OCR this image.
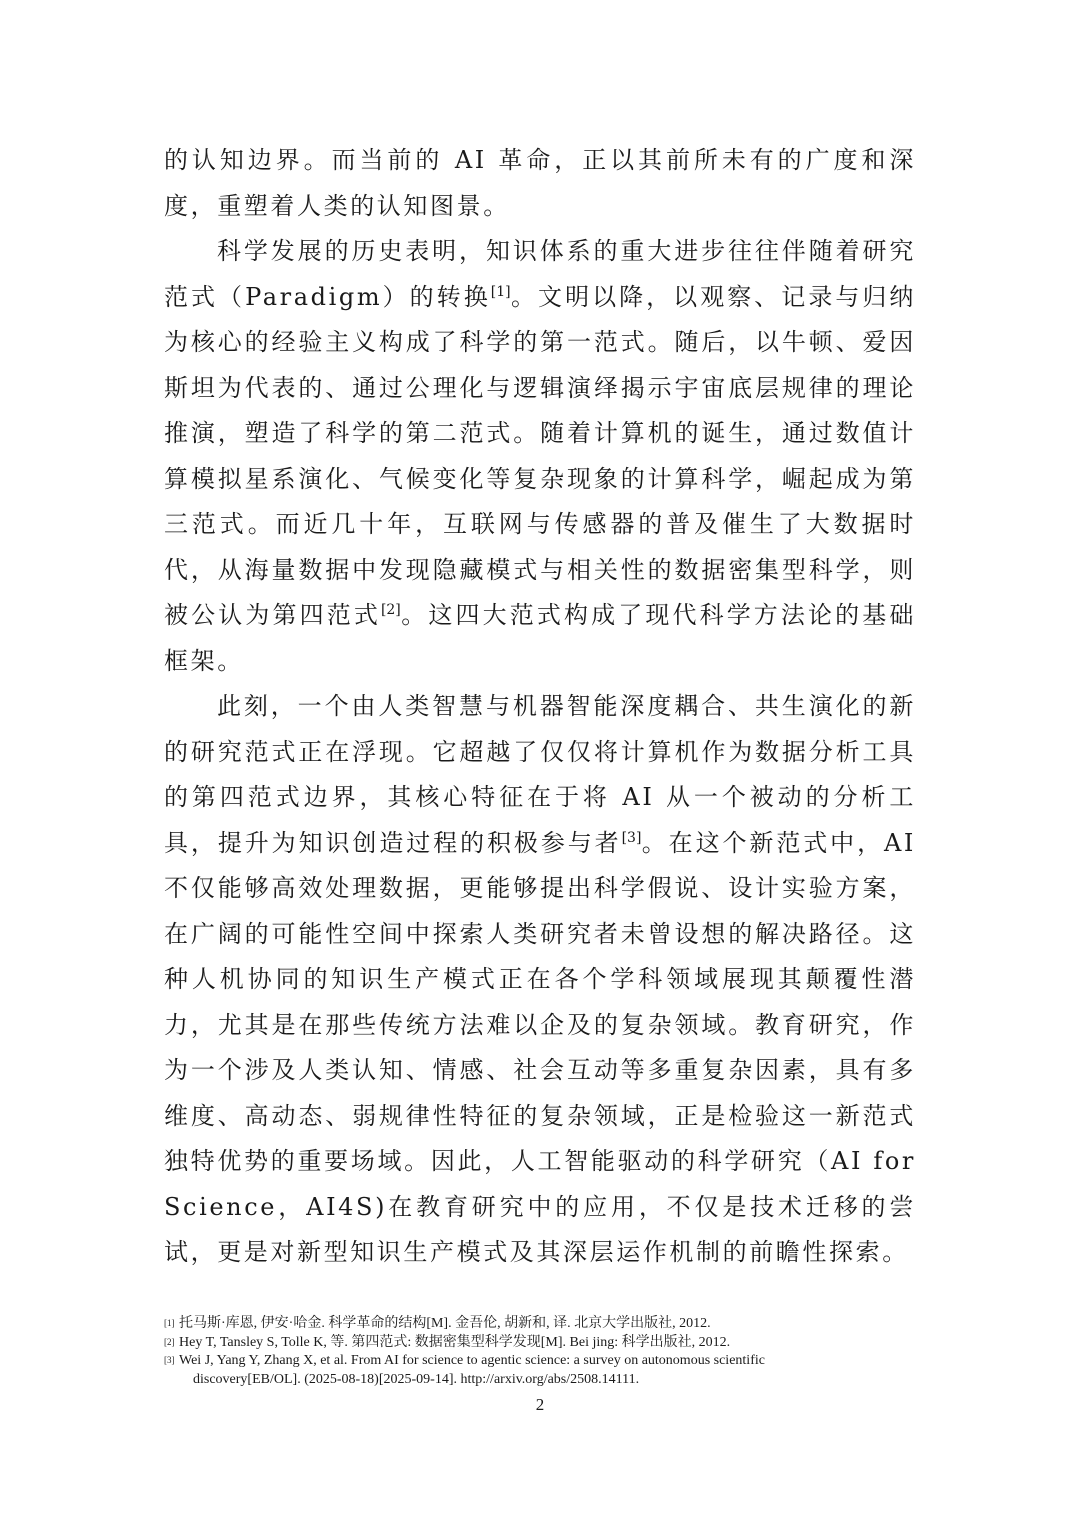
的认知边界。而当前的 AI 革命，正以其前所未有的广度和深度，重塑着人类的认知图景。

科学发展的历史表明，知识体系的重大进步往往伴随着研究范式（Paradigm）的转换[1]。文明以降，以观察、记录与归纳为核心的经验主义构成了科学的第一范式。随后，以牛顿、爱因斯坦为代表的、通过公理化与逻辑演绎揭示宇宙底层规律的理论推演，塑造了科学的第二范式。随着计算机的诞生，通过数值计算模拟星系演化、气候变化等复杂现象的计算科学，崛起成为第三范式。而近几十年，互联网与传感器的普及催生了大数据时代，从海量数据中发现隐藏模式与相关性的数据密集型科学，则被公认为第四范式[2]。这四大范式构成了现代科学方法论的基础框架。

此刻，一个由人类智慧与机器智能深度耦合、共生演化的新的研究范式正在浮现。它超越了仅仅将计算机作为数据分析工具的第四范式边界，其核心特征在于将 AI 从一个被动的分析工具，提升为知识创造过程的积极参与者[3]。在这个新范式中，AI 不仅能够高效处理数据，更能够提出科学假说、设计实验方案，在广阔的可能性空间中探索人类研究者未曾设想的解决路径。这种人机协同的知识生产模式正在各个学科领域展现其颠覆性潜力，尤其是在那些传统方法难以企及的复杂领域。教育研究，作为一个涉及人类认知、情感、社会互动等多重复杂因素，具有多维度、高动态、弱规律性特征的复杂领域，正是检验这一新范式独特优势的重要场域。因此，人工智能驱动的科学研究（AI for Science，AI4S)在教育研究中的应用，不仅是技术迁移的尝试，更是对新型知识生产模式及其深层运作机制的前瞻性探索。

[1] 托马斯·库恩, 伊安·哈金. 科学革命的结构[M]. 金吾伦, 胡新和, 译. 北京大学出版社, 2012.
[2] Hey T, Tansley S, Tolle K, 等. 第四范式: 数据密集型科学发现[M]. Bei jing: 科学出版社, 2012.
[3] Wei J, Yang Y, Zhang X, et al. From AI for science to agentic science: a survey on autonomous scientific
discovery[EB/OL]. (2025-08-18)[2025-09-14]. http://arxiv.org/abs/2508.14111.
2
